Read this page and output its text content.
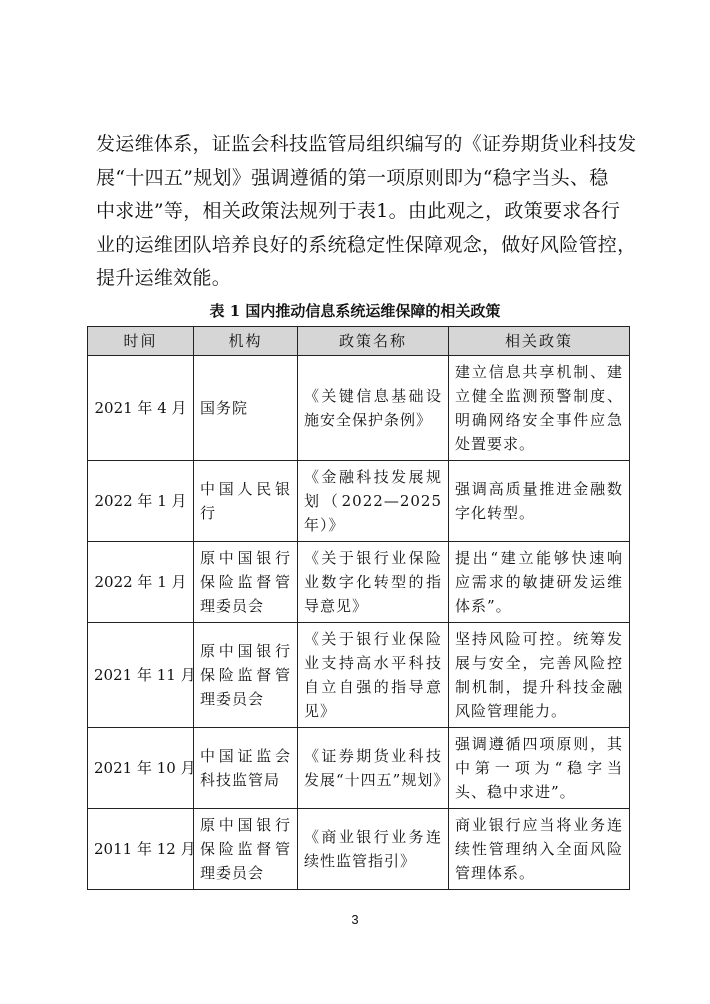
发运维体系，证监会科技监管局组织编写的《证券期货业科技发
展“十四五”规划》强调遵循的第一项原则即为“稳字当头、稳
中求进”等，相关政策法规列于表1。由此观之，政策要求各行
业的运维团队培养良好的系统稳定性保障观念，做好风险管控，
提升运维效能。
表 1 国内推动信息系统运维保障的相关政策
时间	机构	政策名称	相关政策
2021 年 4 月	国务院	《关键信息基础设施安全保护条例》	建立信息共享机制、建立健全监测预警制度、明确网络安全事件应急处置要求。
2022 年 1 月	中国人民银行	《金融科技发展规划（2022—2025年）》	强调高质量推进金融数字化转型。
2022 年 1 月	原中国银行保险监督管理委员会	《关于银行业保险业数字化转型的指导意见》	提出“建立能够快速响应需求的敏捷研发运维体系”。
2021 年 11 月	原中国银行保险监督管理委员会	《关于银行业保险业支持高水平科技自立自强的指导意见》	坚持风险可控。统筹发展与安全，完善风险控制机制，提升科技金融风险管理能力。
2021 年 10 月	中国证监会科技监管局	《证券期货业科技发展“十四五”规划》	强调遵循四项原则，其中第一项为“稳字当头、稳中求进”。
2011 年 12 月	原中国银行保险监督管理委员会	《商业银行业务连续性监管指引》	商业银行应当将业务连续性管理纳入全面风险管理体系。
3
